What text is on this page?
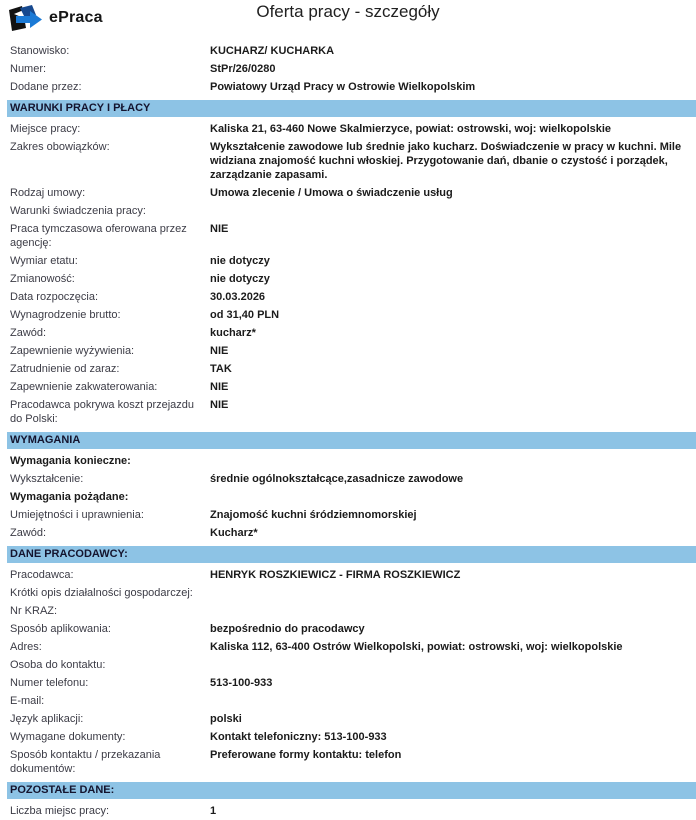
ePraca	Oferta pracy - szczegóły
Stanowisko:	KUCHARZ/ KUCHARKA
Numer:	StPr/26/0280
Dodane przez:	Powiatowy Urząd Pracy w Ostrowie Wielkopolskim
WARUNKI PRACY I PŁACY
Miejsce pracy:	Kaliska 21, 63-460 Nowe Skalmierzyce, powiat: ostrowski, woj: wielkopolskie
Zakres obowiązków:	Wykształcenie zawodowe lub średnie jako kucharz. Doświadczenie w pracy w kuchni. Mile widziana znajomość kuchni włoskiej. Przygotowanie dań, dbanie o czystość i porządek, zarządzanie zapasami.
Rodzaj umowy:	Umowa zlecenie / Umowa o świadczenie usług
Warunki świadczenia pracy:
Praca tymczasowa oferowana przez agencję:
NIE
Wymiar etatu:	nie dotyczy
Zmianowość:	nie dotyczy
Data rozpoczęcia:	30.03.2026
Wynagrodzenie brutto:	od 31,40 PLN
Zawód:	kucharz*
Zapewnienie wyżywienia:	NIE
Zatrudnienie od zaraz:	TAK
Zapewnienie zakwaterowania:	NIE
Pracodawca pokrywa koszt przejazdu do Polski:
NIE
WYMAGANIA
Wymagania konieczne:
Wykształcenie:	średnie ogólnokształcące,zasadnicze zawodowe
Wymagania pożądane:
Umiejętności i uprawnienia:	Znajomość kuchni śródziemnomorskiej
Zawód:	Kucharz*
DANE PRACODAWCY:
Pracodawca:	HENRYK ROSZKIEWICZ - FIRMA ROSZKIEWICZ
Krótki opis działalności gospodarczej:
Nr KRAZ:
Sposób aplikowania:	bezpośrednio do pracodawcy
Adres:	Kaliska 112, 63-400 Ostrów Wielkopolski, powiat: ostrowski, woj: wielkopolskie
Osoba do kontaktu:
Numer telefonu:	513-100-933
E-mail:
Język aplikacji:	polski
Wymagane dokumenty:	Kontakt telefoniczny: 513-100-933
Sposób kontaktu / przekazania dokumentów:
Preferowane formy kontaktu: telefon
POZOSTAŁE DANE:
Liczba miejsc pracy:	1
